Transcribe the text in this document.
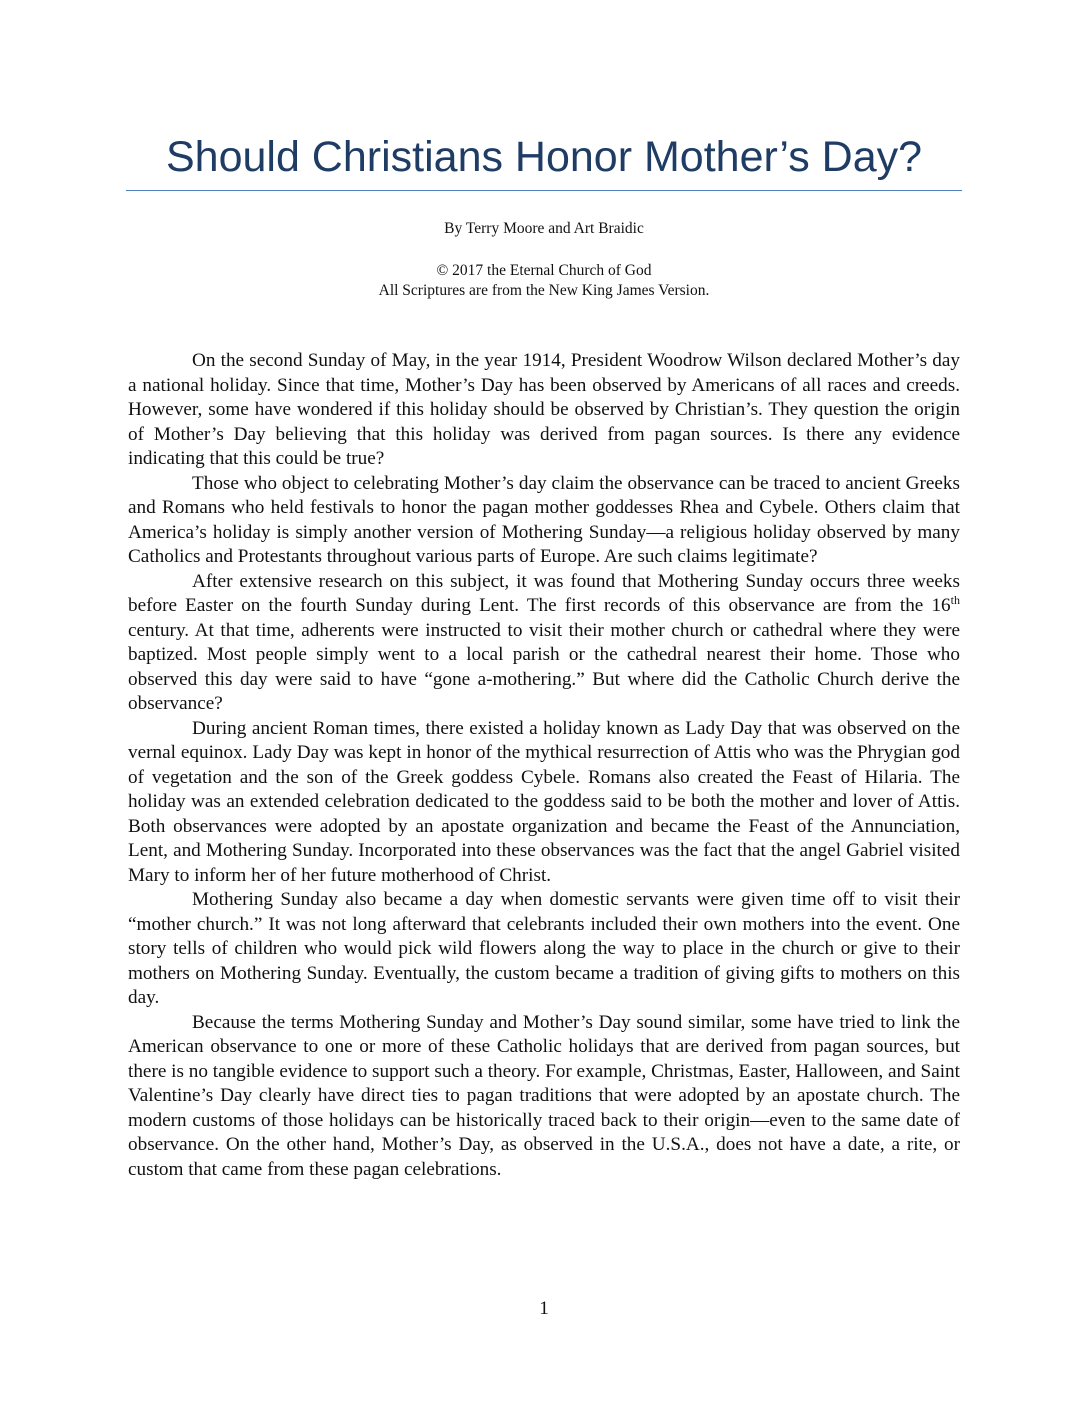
Should Christians Honor Mother’s Day?

By Terry Moore and Art Braidic

© 2017 the Eternal Church of God
All Scriptures are from the New King James Version.

On the second Sunday of May, in the year 1914, President Woodrow Wilson declared Mother’s day a national holiday. Since that time, Mother’s Day has been observed by Americans of all races and creeds. However, some have wondered if this holiday should be observed by Christian’s. They question the origin of Mother’s Day believing that this holiday was derived from pagan sources. Is there any evidence indicating that this could be true?

Those who object to celebrating Mother’s day claim the observance can be traced to ancient Greeks and Romans who held festivals to honor the pagan mother goddesses Rhea and Cybele. Others claim that America’s holiday is simply another version of Mothering Sunday—a religious holiday observed by many Catholics and Protestants throughout various parts of Europe. Are such claims legitimate?

After extensive research on this subject, it was found that Mothering Sunday occurs three weeks before Easter on the fourth Sunday during Lent. The first records of this observance are from the 16th century. At that time, adherents were instructed to visit their mother church or cathedral where they were baptized. Most people simply went to a local parish or the cathedral nearest their home. Those who observed this day were said to have “gone a-mothering.” But where did the Catholic Church derive the observance?

During ancient Roman times, there existed a holiday known as Lady Day that was observed on the vernal equinox. Lady Day was kept in honor of the mythical resurrection of Attis who was the Phrygian god of vegetation and the son of the Greek goddess Cybele. Romans also created the Feast of Hilaria. The holiday was an extended celebration dedicated to the goddess said to be both the mother and lover of Attis. Both observances were adopted by an apostate organization and became the Feast of the Annunciation, Lent, and Mothering Sunday. Incorporated into these observances was the fact that the angel Gabriel visited Mary to inform her of her future motherhood of Christ.

Mothering Sunday also became a day when domestic servants were given time off to visit their “mother church.” It was not long afterward that celebrants included their own mothers into the event. One story tells of children who would pick wild flowers along the way to place in the church or give to their mothers on Mothering Sunday. Eventually, the custom became a tradition of giving gifts to mothers on this day.

Because the terms Mothering Sunday and Mother’s Day sound similar, some have tried to link the American observance to one or more of these Catholic holidays that are derived from pagan sources, but there is no tangible evidence to support such a theory. For example, Christmas, Easter, Halloween, and Saint Valentine’s Day clearly have direct ties to pagan traditions that were adopted by an apostate church. The modern customs of those holidays can be historically traced back to their origin—even to the same date of observance. On the other hand, Mother’s Day, as observed in the U.S.A., does not have a date, a rite, or custom that came from these pagan celebrations.

1
